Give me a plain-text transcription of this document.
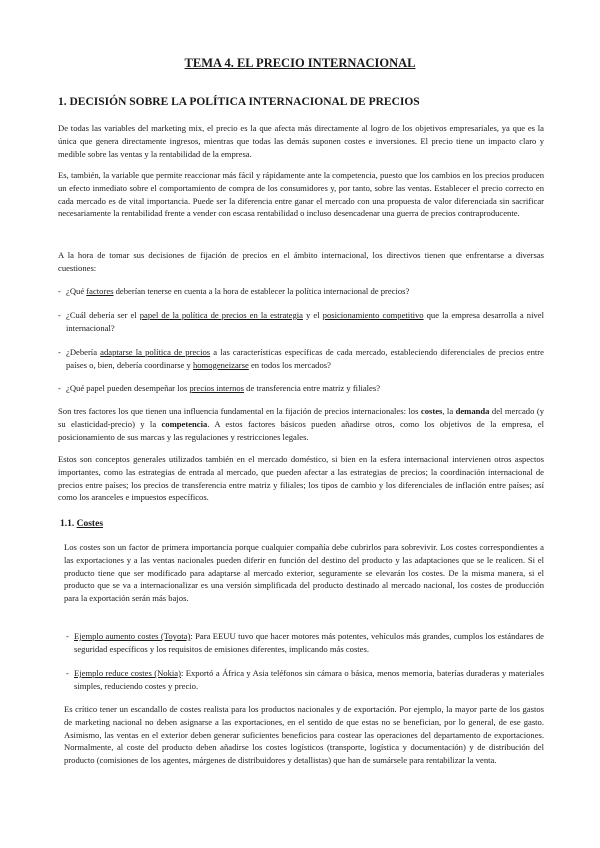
TEMA 4. EL PRECIO INTERNACIONAL
1. DECISIÓN SOBRE LA POLÍTICA INTERNACIONAL DE PRECIOS
De todas las variables del marketing mix, el precio es la que afecta más directamente al logro de los objetivos empresariales, ya que es la única que genera directamente ingresos, mientras que todas las demás suponen costes e inversiones. El precio tiene un impacto claro y medible sobre las ventas y la rentabilidad de la empresa.
Es, también, la variable que permite reaccionar más fácil y rápidamente ante la competencia, puesto que los cambios en los precios producen un efecto inmediato sobre el comportamiento de compra de los consumidores y, por tanto, sobre las ventas. Establecer el precio correcto en cada mercado es de vital importancia. Puede ser la diferencia entre ganar el mercado con una propuesta de valor diferenciada sin sacrificar necesariamente la rentabilidad frente a vender con escasa rentabilidad o incluso desencadenar una guerra de precios contraproducente.
A la hora de tomar sus decisiones de fijación de precios en el ámbito internacional, los directivos tienen que enfrentarse a diversas cuestiones:
- ¿Qué factores deberían tenerse en cuenta a la hora de establecer la política internacional de precios?
- ¿Cuál debería ser el papel de la política de precios en la estrategia y el posicionamiento competitivo que la empresa desarrolla a nivel internacional?
- ¿Debería adaptarse la política de precios a las características específicas de cada mercado, estableciendo diferenciales de precios entre países o, bien, debería coordinarse y homogeneizarse en todos los mercados?
- ¿Qué papel pueden desempeñar los precios internos de transferencia entre matriz y filiales?
Son tres factores los que tienen una influencia fundamental en la fijación de precios internacionales: los costes, la demanda del mercado (y su elasticidad-precio) y la competencia. A estos factores básicos pueden añadirse otros, como los objetivos de la empresa, el posicionamiento de sus marcas y las regulaciones y restricciones legales.
Estos son conceptos generales utilizados también en el mercado doméstico, si bien en la esfera internacional intervienen otros aspectos importantes, como las estrategias de entrada al mercado, que pueden afectar a las estrategias de precios; la coordinación internacional de precios entre países; los precios de transferencia entre matriz y filiales; los tipos de cambio y los diferenciales de inflación entre países; así como los aranceles e impuestos específicos.
1.1. Costes
Los costes son un factor de primera importancia porque cualquier compañía debe cubrirlos para sobrevivir. Los costes correspondientes a las exportaciones y a las ventas nacionales pueden diferir en función del destino del producto y las adaptaciones que se le realicen. Si el producto tiene que ser modificado para adaptarse al mercado exterior, seguramente se elevarán los costes. De la misma manera, si el producto que se va a internacionalizar es una versión simplificada del producto destinado al mercado nacional, los costes de producción para la exportación serán más bajos.
- Ejemplo aumento costes (Toyota): Para EEUU tuvo que hacer motores más potentes, vehículos más grandes, cumplos los estándares de seguridad específicos y los requisitos de emisiones diferentes, implicando más costes.
- Ejemplo reduce costes (Nokia): Exportó a África y Asia teléfonos sin cámara o básica, menos memoria, baterías duraderas y materiales simples, reduciendo costes y precio.
Es crítico tener un escandallo de costes realista para los productos nacionales y de exportación. Por ejemplo, la mayor parte de los gastos de marketing nacional no deben asignarse a las exportaciones, en el sentido de que estas no se benefician, por lo general, de ese gasto. Asimismo, las ventas en el exterior deben generar suficientes beneficios para costear las operaciones del departamento de exportaciones. Normalmente, al coste del producto deben añadirse los costes logísticos (transporte, logística y documentación) y de distribución del producto (comisiones de los agentes, márgenes de distribuidores y detallistas) que han de sumársele para rentabilizar la venta.
